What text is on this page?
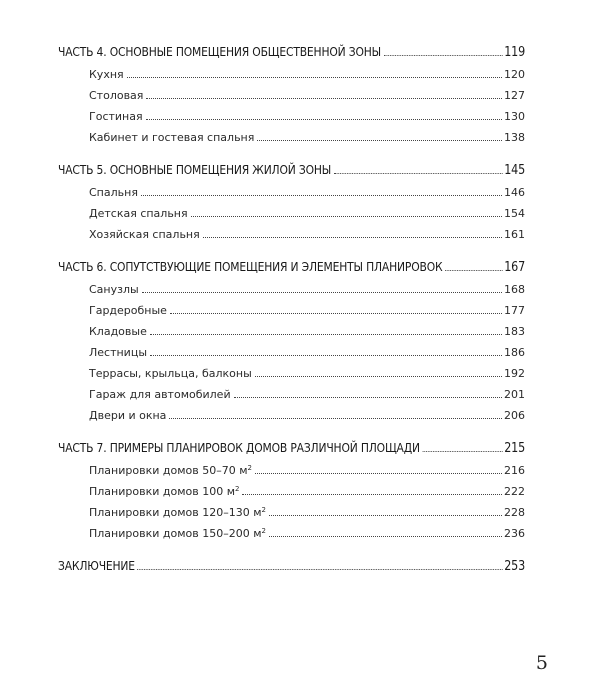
ЧАСТЬ 4. ОСНОВНЫЕ ПОМЕЩЕНИЯ ОБЩЕСТВЕННОЙ ЗОНЫ	119
Кухня	120
Столовая	127
Гостиная	130
Кабинет и гостевая спальня	138
ЧАСТЬ 5. ОСНОВНЫЕ ПОМЕЩЕНИЯ ЖИЛОЙ ЗОНЫ	145
Спальня	146
Детская спальня	154
Хозяйская спальня	161
ЧАСТЬ 6. СОПУТСТВУЮЩИЕ ПОМЕЩЕНИЯ И ЭЛЕМЕНТЫ ПЛАНИРОВОК	167
Санузлы	168
Гардеробные	177
Кладовые	183
Лестницы	186
Террасы, крыльца, балконы	192
Гараж для автомобилей	201
Двери и окна	206
ЧАСТЬ 7. ПРИМЕРЫ ПЛАНИРОВОК ДОМОВ РАЗЛИЧНОЙ ПЛОЩАДИ	215
Планировки домов 50–70 $м^2$	216
Планировки домов 100 $м^2$	222
Планировки домов 120–130 $м^2$	228
Планировки домов 150–200 $м^2$	236
ЗАКЛЮЧЕНИЕ	253
5
